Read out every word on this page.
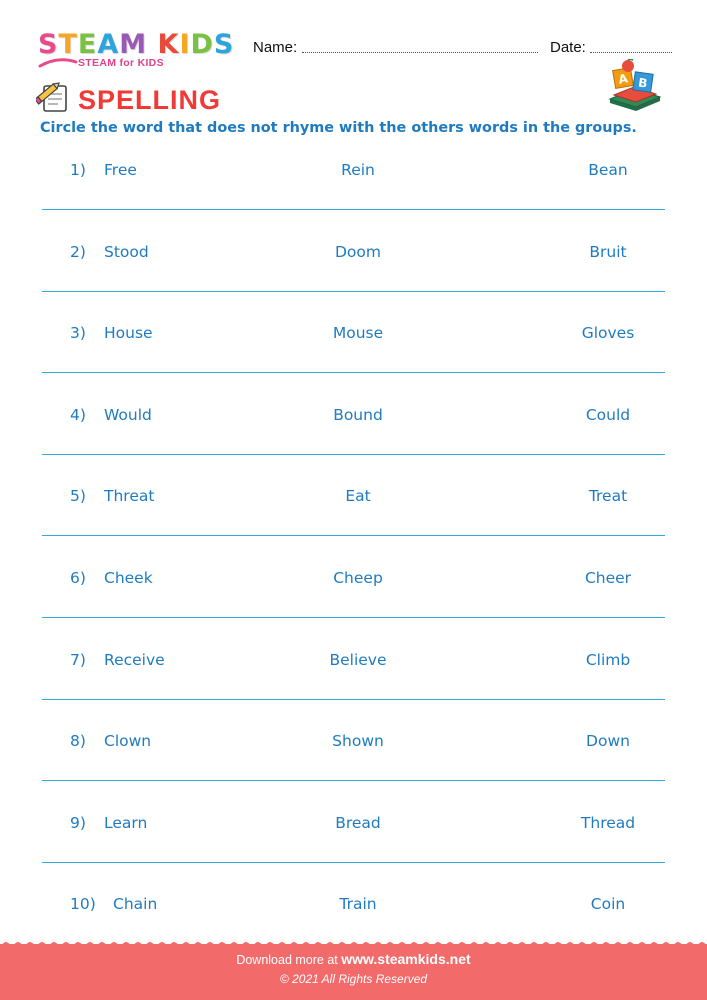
S T E A M
K I D S
STEAM for KIDS
Name:	Date:
SPELLING
A B
Circle the word that does not rhyme with the others words in the groups.
1) Free	Rein	Bean
2) Stood	Doom	Bruit
3) House	Mouse	Gloves
4) Would	Bound	Could
5) Threat	Eat	Treat
6) Cheek	Cheep	Cheer
7) Receive	Believe	Climb
8) Clown	Shown	Down
9) Learn	Bread	Thread
10) Chain	Train	Coin
Download more at www.steamkids.net
© 2021 All Rights Reserved
